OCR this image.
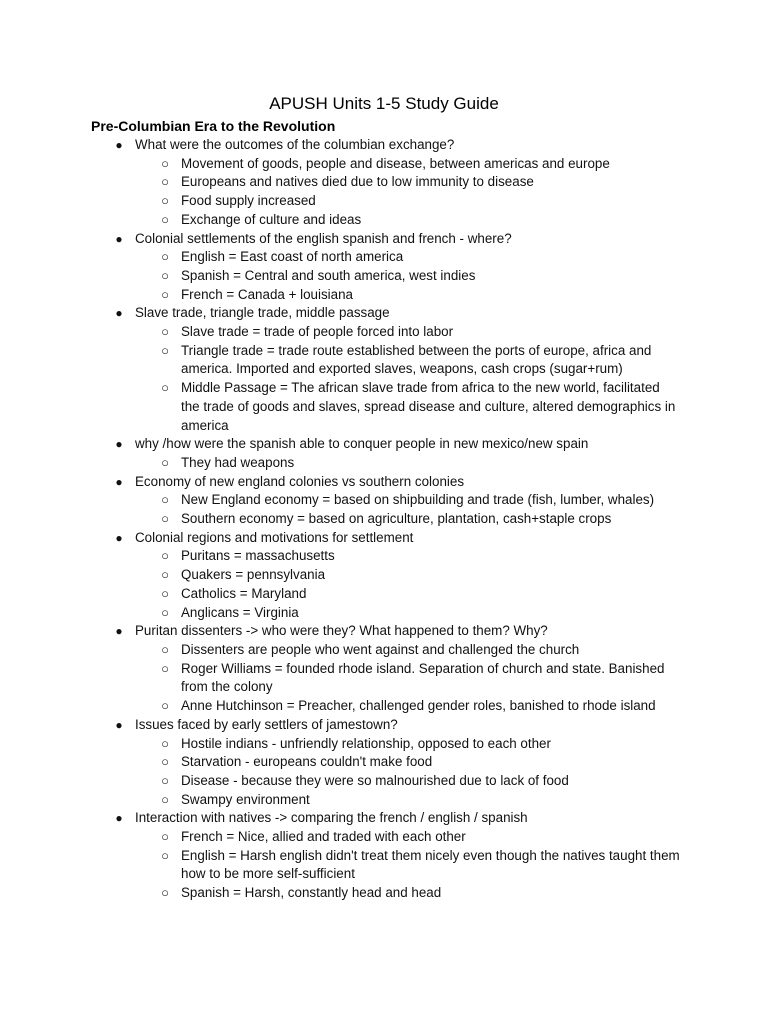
APUSH Units 1-5 Study Guide
Pre-Columbian Era to the Revolution
● What were the outcomes of the columbian exchange?
○ Movement of goods, people and disease, between americas and europe
○ Europeans and natives died due to low immunity to disease
○ Food supply increased
○ Exchange of culture and ideas
● Colonial settlements of the english spanish and french - where?
○ English = East coast of north america
○ Spanish = Central and south america, west indies
○ French = Canada + louisiana
● Slave trade, triangle trade, middle passage
○ Slave trade = trade of people forced into labor
○ Triangle trade = trade route established between the ports of europe, africa and america. Imported and exported slaves, weapons, cash crops (sugar+rum)
○ Middle Passage = The african slave trade from africa to the new world, facilitated the trade of goods and slaves, spread disease and culture, altered demographics in america
● why /how were the spanish able to conquer people in new mexico/new spain
○ They had weapons
● Economy of new england colonies vs southern colonies
○ New England economy = based on shipbuilding and trade (fish, lumber, whales)
○ Southern economy = based on agriculture, plantation, cash+staple crops
● Colonial regions and motivations for settlement
○ Puritans = massachusetts
○ Quakers = pennsylvania
○ Catholics = Maryland
○ Anglicans = Virginia
● Puritan dissenters -> who were they? What happened to them? Why?
○ Dissenters are people who went against and challenged the church
○ Roger Williams = founded rhode island. Separation of church and state. Banished from the colony
○ Anne Hutchinson = Preacher, challenged gender roles, banished to rhode island
● Issues faced by early settlers of jamestown?
○ Hostile indians - unfriendly relationship, opposed to each other
○ Starvation - europeans couldn't make food
○ Disease - because they were so malnourished due to lack of food
○ Swampy environment
● Interaction with natives -> comparing the french / english / spanish
○ French = Nice, allied and traded with each other
○ English = Harsh english didn't treat them nicely even though the natives taught them how to be more self-sufficient
○ Spanish = Harsh, constantly head and head
